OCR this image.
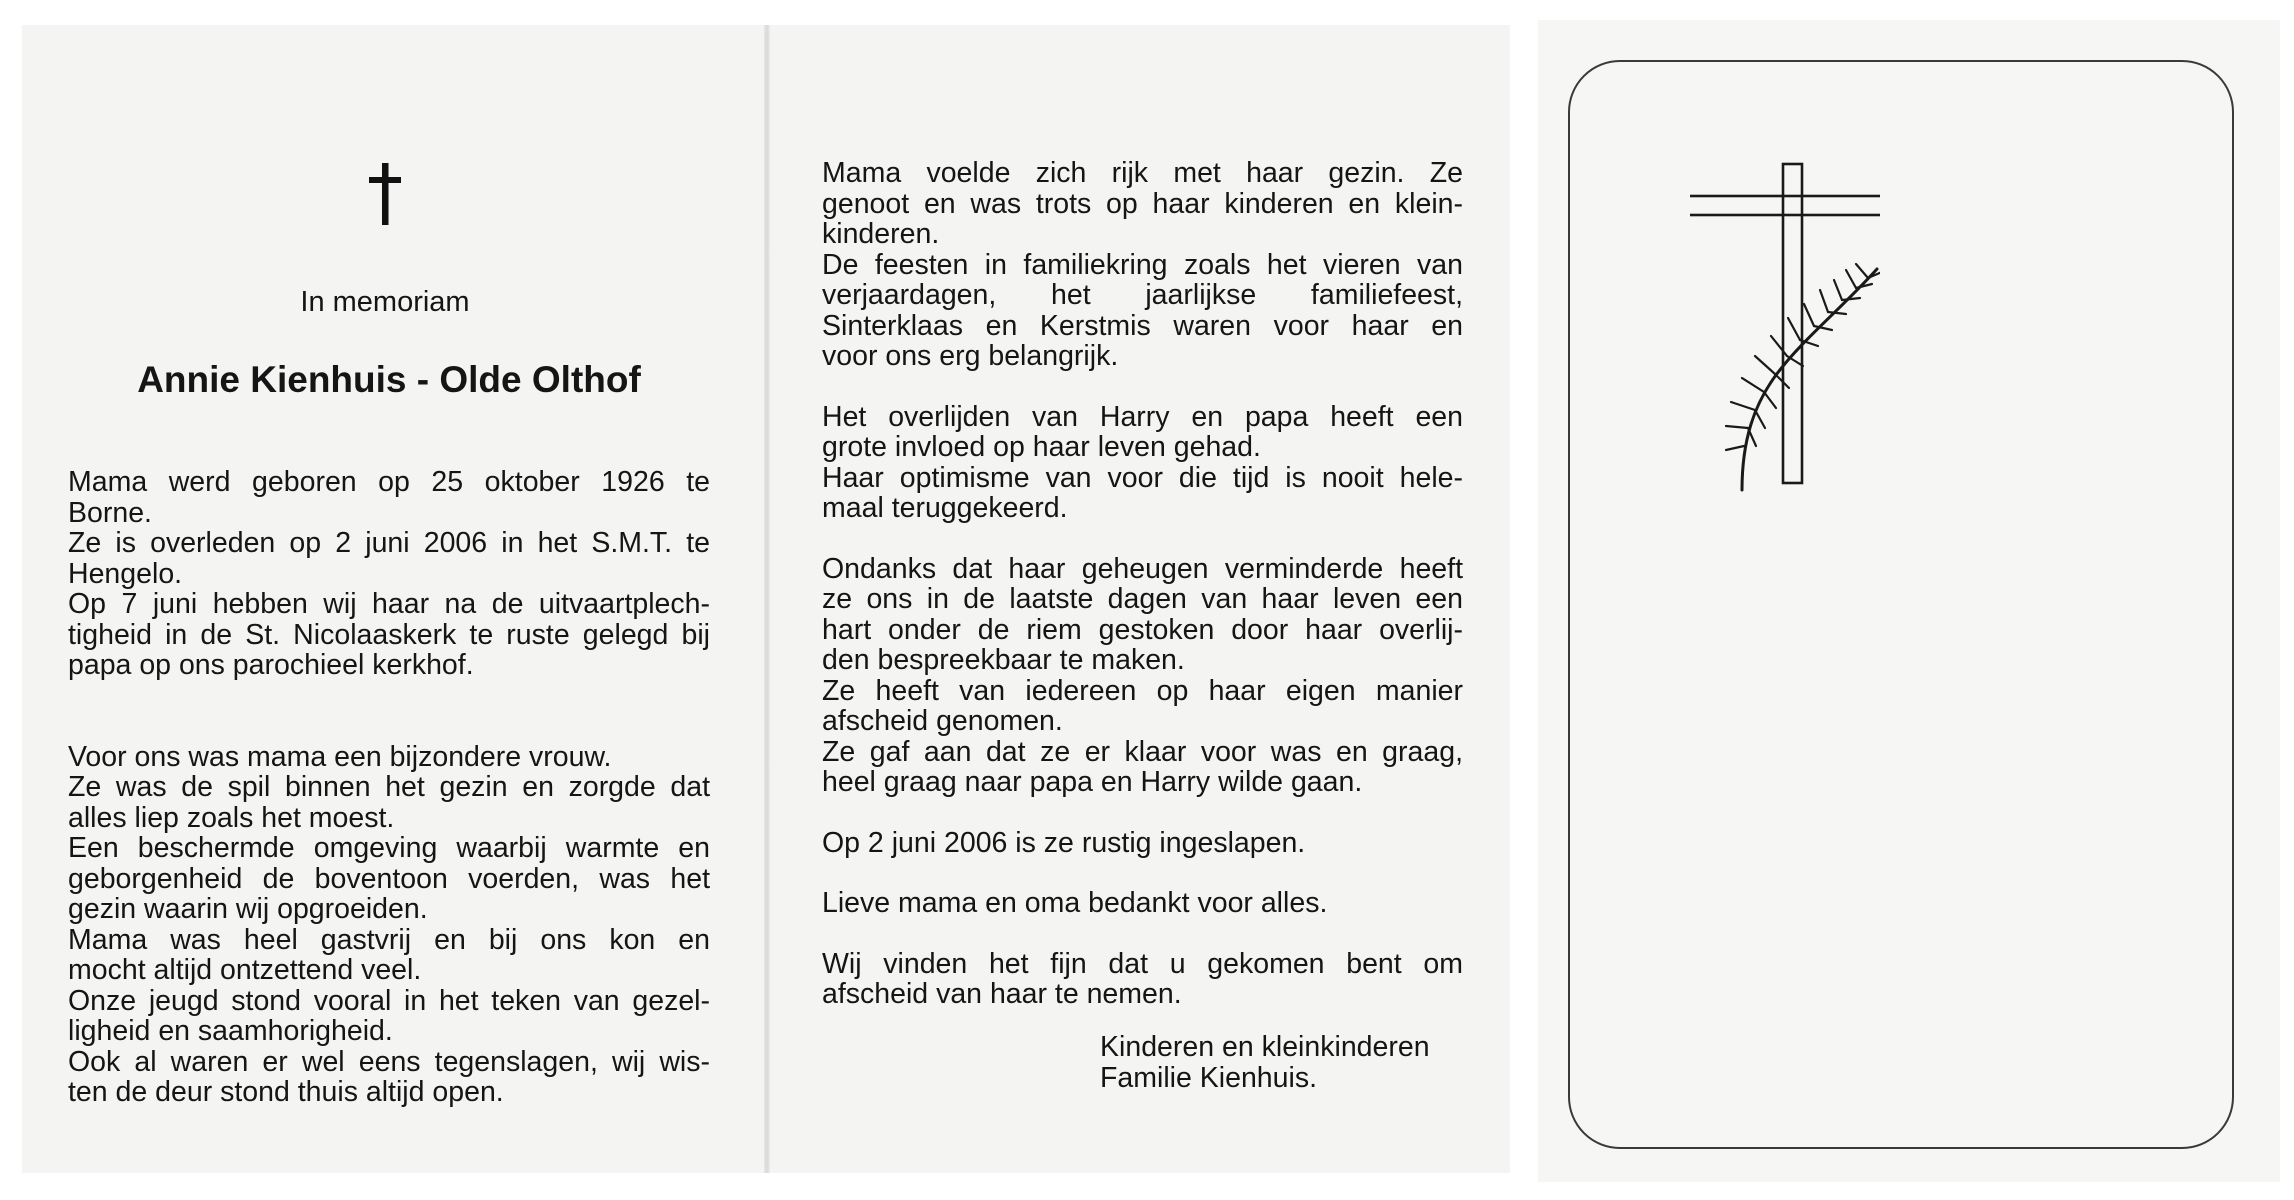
In memoriam
Annie Kienhuis - Olde Olthof
Mama werd geboren op 25 oktober 1926 te
Borne.
Ze is overleden op 2 juni 2006 in het S.M.T. te
Hengelo.
Op 7 juni hebben wij haar na de uitvaartplech-
tigheid in de St. Nicolaaskerk te ruste gelegd bij
papa op ons parochieel kerkhof.
Voor ons was mama een bijzondere vrouw.
Ze was de spil binnen het gezin en zorgde dat
alles liep zoals het moest.
Een beschermde omgeving waarbij warmte en
geborgenheid de boventoon voerden, was het
gezin waarin wij opgroeiden.
Mama was heel gastvrij en bij ons kon en
mocht altijd ontzettend veel.
Onze jeugd stond vooral in het teken van gezel-
ligheid en saamhorigheid.
Ook al waren er wel eens tegenslagen, wij wis-
ten de deur stond thuis altijd open.
Mama voelde zich rijk met haar gezin. Ze
genoot en was trots op haar kinderen en klein-
kinderen.
De feesten in familiekring zoals het vieren van
verjaardagen, het jaarlijkse familiefeest,
Sinterklaas en Kerstmis waren voor haar en
voor ons erg belangrijk.
Het overlijden van Harry en papa heeft een
grote invloed op haar leven gehad.
Haar optimisme van voor die tijd is nooit hele-
maal teruggekeerd.
Ondanks dat haar geheugen verminderde heeft
ze ons in de laatste dagen van haar leven een
hart onder de riem gestoken door haar overlij-
den bespreekbaar te maken.
Ze heeft van iedereen op haar eigen manier
afscheid genomen.
Ze gaf aan dat ze er klaar voor was en graag,
heel graag naar papa en Harry wilde gaan.
Op 2 juni 2006 is ze rustig ingeslapen.
Lieve mama en oma bedankt voor alles.
Wij vinden het fijn dat u gekomen bent om
afscheid van haar te nemen.
Kinderen en kleinkinderen
Familie Kienhuis.
